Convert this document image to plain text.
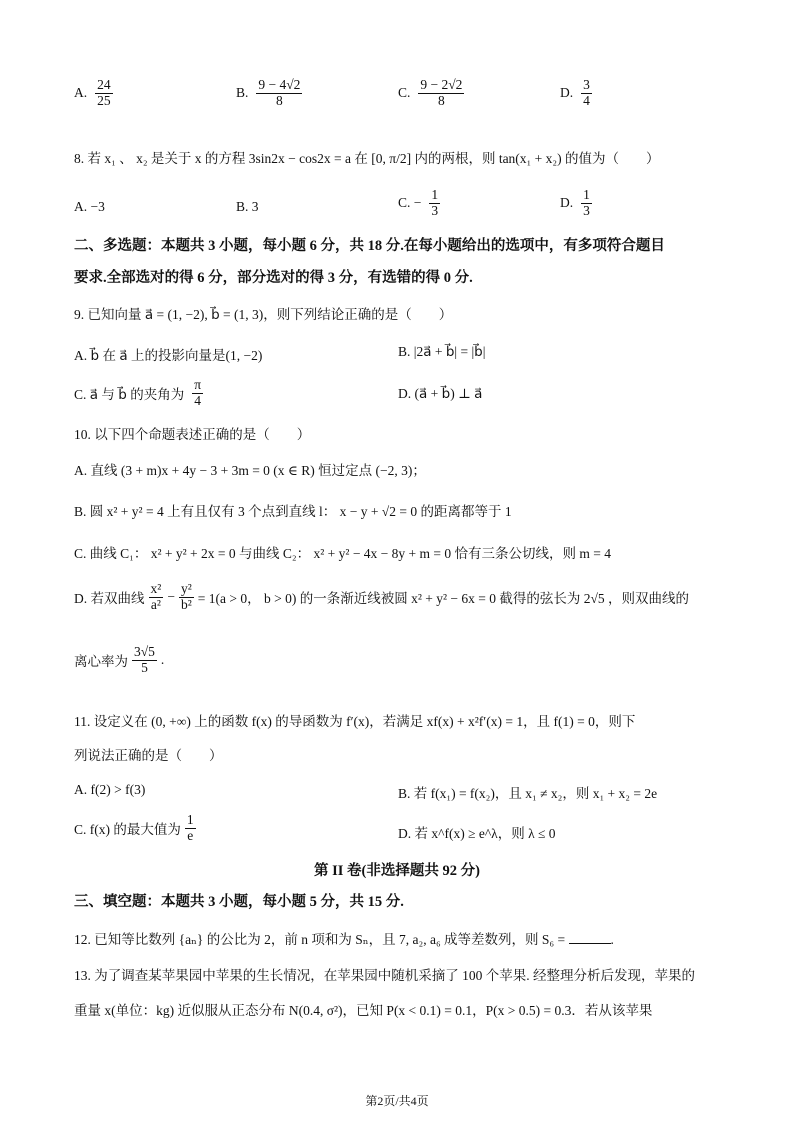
A. $\frac{24}{25}$	B. $\frac{9 - 4√2}{8}$	C. $\frac{9 - 2√2}{8}$	D. $\frac{3}{4}$
8. 若 x₁ 、 x₂ 是关于 x 的方程 3sin2x − cos2x = a 在 [0, π/2] 内的两根，则 tan(x₁ + x₂) 的值为（　　）
A. −3	B. 3	C. − $\frac{1}{3}$	D. $\frac{1}{3}$
二、多选题：本题共 3 小题，每小题 6 分，共 18 分.在每小题给出的选项中，有多项符合题目
要求.全部选对的得 6 分，部分选对的得 3 分，有选错的得 0 分.
9. 已知向量 a⃗ = (1, −2), b⃗ = (1, 3)，则下列结论正确的是（　　）
A. b⃗ 在 a⃗ 上的投影向量是(1, −2)	B. |2a⃗ + b⃗| = |b⃗|
C. a⃗ 与 b⃗ 的夹角为 $\frac{\pi}{4}$	D. (a⃗ + b⃗) ⊥ a⃗
10. 以下四个命题表述正确的是（　　）
A. 直线 (3 + m)x + 4y − 3 + 3m = 0 (x ∈ R) 恒过定点 (−2, 3)；
B. 圆 x² + y² = 4 上有且仅有 3 个点到直线 l： x − y + √2 = 0 的距离都等于 1
C. 曲线 C₁： x² + y² + 2x = 0 与曲线 C₂： x² + y² − 4x − 8y + m = 0 恰有三条公切线，则 m = 4
D. 若双曲线 $\frac{\text{x²}}{\text{a²}} - \frac{\text{y²}}{\text{b²}} = 1(a > 0$， b > 0) 的一条渐近线被圆 x² + y² − 6x = 0 截得的弦长为 2√5 ，则双曲线的
离心率为 $\frac{3√5}{5}$ .
11. 设定义在 (0, +∞) 上的函数 f(x) 的导函数为 f′(x)，若满足 xf(x) + x²f′(x) = 1，且 f(1) = 0，则下
列说法正确的是（　　）
A. f(2) > f(3)	B. 若 f(x₁) = f(x₂)，且 x₁ ≠ x₂，则 x₁ + x₂ = 2e
C. f(x) 的最大值为 $\frac{1}{e}$	D. 若 x^f(x) ≥ e^λ，则 λ ≤ 0
第 II 卷(非选择题共 92 分)
三、填空题：本题共 3 小题，每小题 5 分，共 15 分.
12. 已知等比数列 {aₙ} 的公比为 2，前 n 项和为 Sₙ，且 7, a₂, a₆ 成等差数列，则 S₆ =	.
13. 为了调查某苹果园中苹果的生长情况，在苹果园中随机采摘了 100 个苹果. 经整理分析后发现，苹果的
重量 x(单位：kg) 近似服从正态分布 N(0.4, σ²)，已知 P(x < 0.1) = 0.1，P(x > 0.5) = 0.3．若从该苹果
第2页/共4页
